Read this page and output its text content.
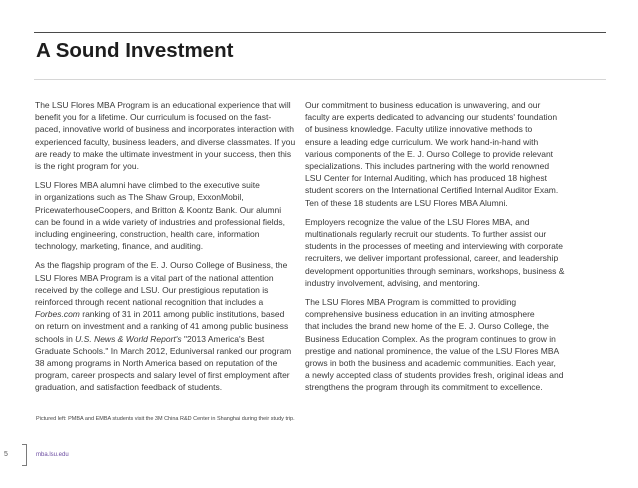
A Sound Investment

The LSU Flores MBA Program is an educational experience that will
benefit you for a lifetime. Our curriculum is focused on the fast-
paced, innovative world of business and incorporates interaction with
experienced faculty, business leaders, and diverse classmates. If you
are ready to make the ultimate investment in your success, then this
is the right program for you.

LSU Flores MBA alumni have climbed to the executive suite
in organizations such as The Shaw Group, ExxonMobil,
PricewaterhouseCoopers, and Britton & Koontz Bank. Our alumni
can be found in a wide variety of industries and professional fields,
including engineering, construction, health care, information
technology, marketing, finance, and auditing.

As the flagship program of the E. J. Ourso College of Business, the
LSU Flores MBA Program is a vital part of the national attention
received by the college and LSU. Our prestigious reputation is
reinforced through recent national recognition that includes a
Forbes.com ranking of 31 in 2011 among public institutions, based
on return on investment and a ranking of 41 among public business
schools in U.S. News & World Report's "2013 America's Best
Graduate Schools." In March 2012, Eduniversal ranked our program
38 among programs in North America based on reputation of the
program, career prospects and salary level of first employment after
graduation, and satisfaction feedback of students.

Our commitment to business education is unwavering, and our
faculty are experts dedicated to advancing our students' foundation
of business knowledge. Faculty utilize innovative methods to
ensure a leading edge curriculum. We work hand-in-hand with
various components of the E. J. Ourso College to provide relevant
specializations. This includes partnering with the world renowned
LSU Center for Internal Auditing, which has produced 18 highest
student scorers on the International Certified Internal Auditor Exam.
Ten of these 18 students are LSU Flores MBA Alumni.

Employers recognize the value of the LSU Flores MBA, and
multinationals regularly recruit our students. To further assist our
students in the processes of meeting and interviewing with corporate
recruiters, we deliver important professional, career, and leadership
development opportunities through seminars, workshops, business &
industry involvement, advising, and mentoring.

The LSU Flores MBA Program is committed to providing
comprehensive business education in an inviting atmosphere
that includes the brand new home of the E. J. Ourso College, the
Business Education Complex. As the program continues to grow in
prestige and national prominence, the value of the LSU Flores MBA
grows in both the business and academic communities. Each year,
a newly accepted class of students provides fresh, original ideas and
strengthens the program through its commitment to excellence.

Pictured left: PMBA and EMBA students visit the 3M China R&D Center in Shanghai during their study trip.

5	mba.lsu.edu
